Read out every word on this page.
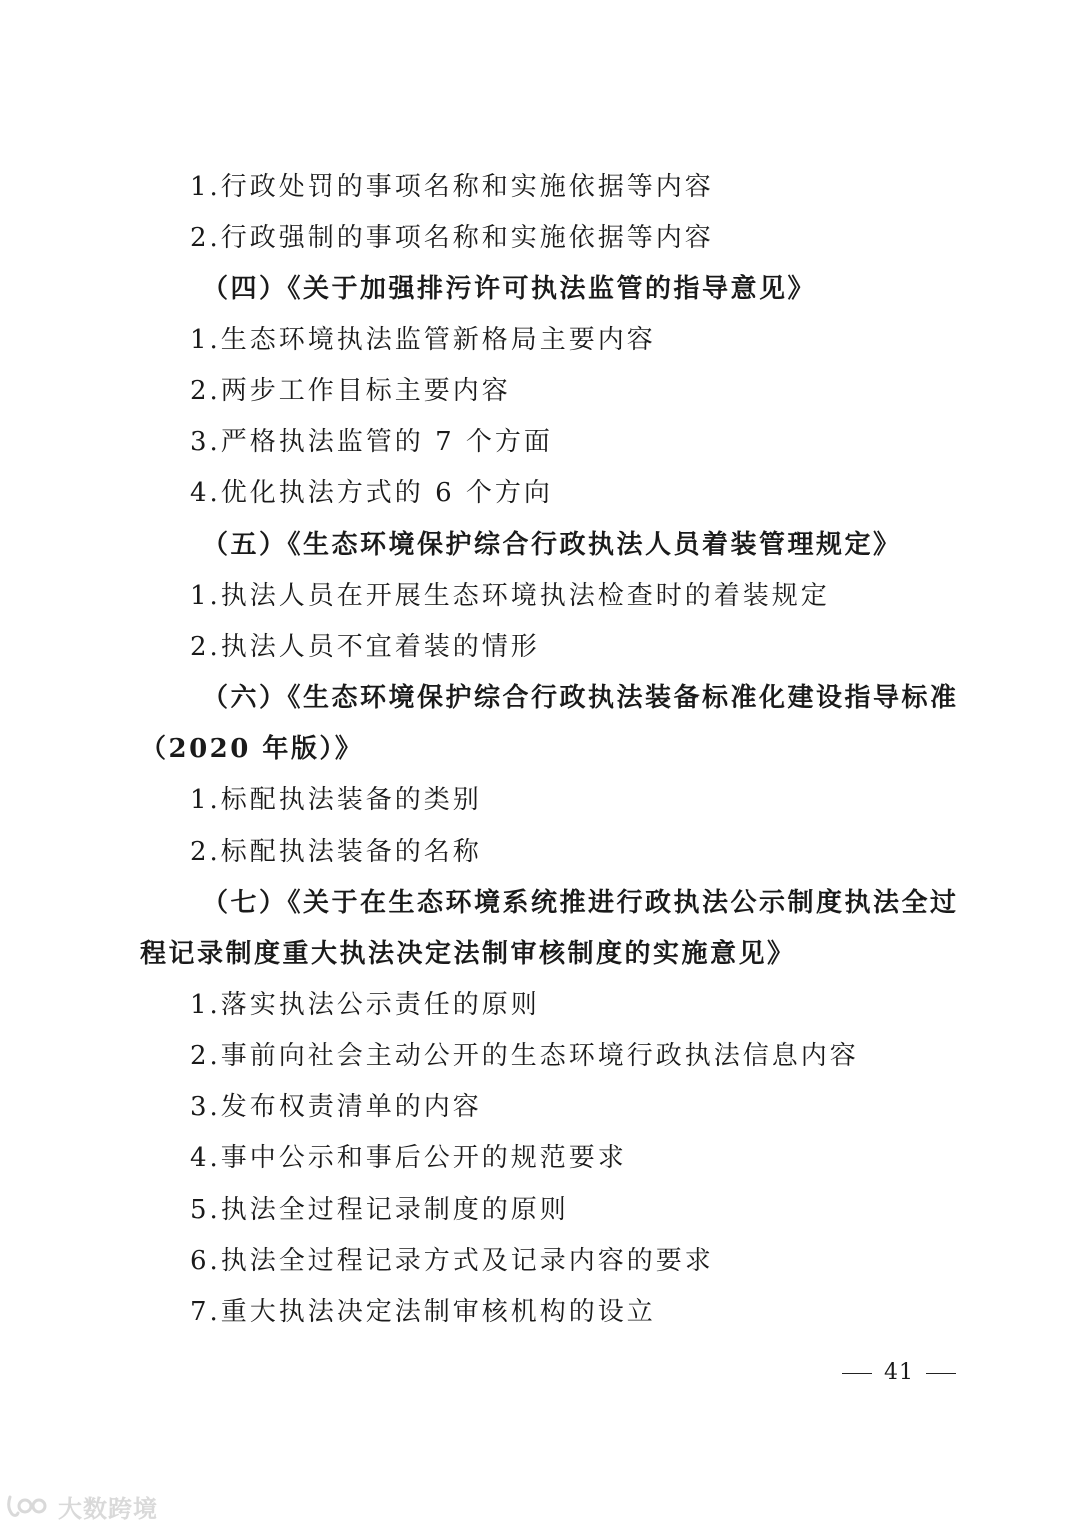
1.行政处罚的事项名称和实施依据等内容
2.行政强制的事项名称和实施依据等内容
（四）《关于加强排污许可执法监管的指导意见》
1.生态环境执法监管新格局主要内容
2.两步工作目标主要内容
3.严格执法监管的 7 个方面
4.优化执法方式的 6 个方向
（五）《生态环境保护综合行政执法人员着装管理规定》
1.执法人员在开展生态环境执法检查时的着装规定
2.执法人员不宜着装的情形
（六）《生态环境保护综合行政执法装备标准化建设指导标准
（2020 年版）》
1.标配执法装备的类别
2.标配执法装备的名称
（七）《关于在生态环境系统推进行政执法公示制度执法全过
程记录制度重大执法决定法制审核制度的实施意见》
1.落实执法公示责任的原则
2.事前向社会主动公开的生态环境行政执法信息内容
3.发布权责清单的内容
4.事中公示和事后公开的规范要求
5.执法全过程记录制度的原则
6.执法全过程记录方式及记录内容的要求
7.重大执法决定法制审核机构的设立
41
大数跨境
